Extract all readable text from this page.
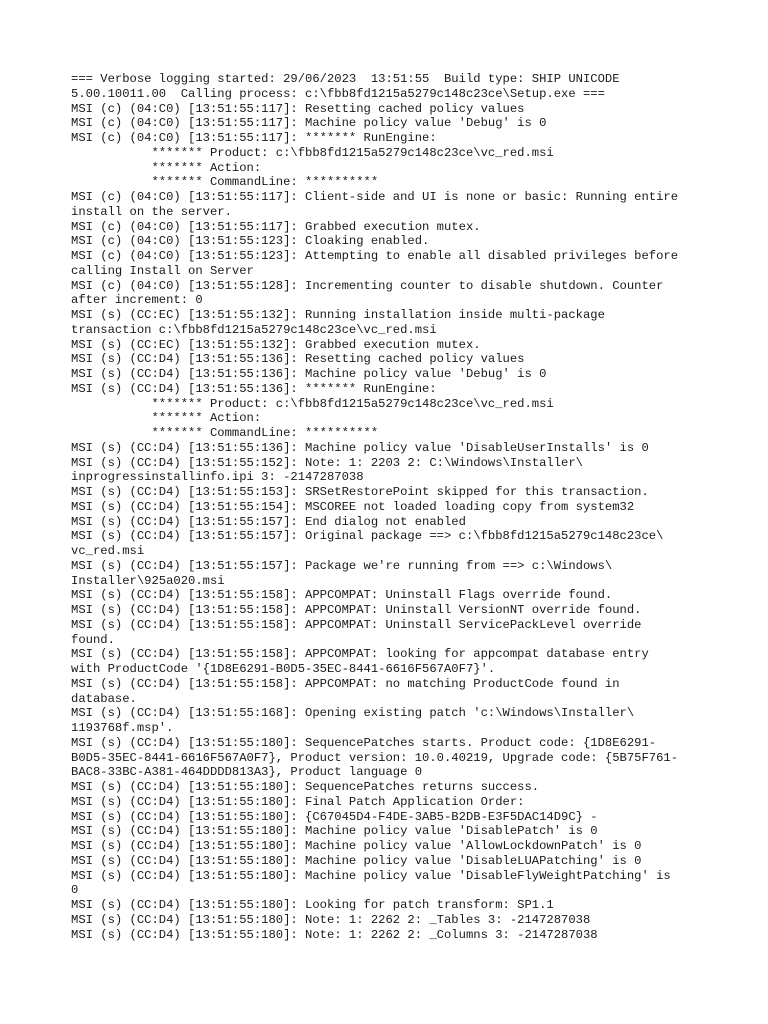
=== Verbose logging started: 29/06/2023  13:51:55  Build type: SHIP UNICODE
5.00.10011.00  Calling process: c:\fbb8fd1215a5279c148c23ce\Setup.exe ===
MSI (c) (04:C0) [13:51:55:117]: Resetting cached policy values
MSI (c) (04:C0) [13:51:55:117]: Machine policy value 'Debug' is 0
MSI (c) (04:C0) [13:51:55:117]: ******* RunEngine:
******* Product: c:\fbb8fd1215a5279c148c23ce\vc_red.msi
******* Action:
******* CommandLine: **********
MSI (c) (04:C0) [13:51:55:117]: Client-side and UI is none or basic: Running entire
install on the server.
MSI (c) (04:C0) [13:51:55:117]: Grabbed execution mutex.
MSI (c) (04:C0) [13:51:55:123]: Cloaking enabled.
MSI (c) (04:C0) [13:51:55:123]: Attempting to enable all disabled privileges before
calling Install on Server
MSI (c) (04:C0) [13:51:55:128]: Incrementing counter to disable shutdown. Counter
after increment: 0
MSI (s) (CC:EC) [13:51:55:132]: Running installation inside multi-package
transaction c:\fbb8fd1215a5279c148c23ce\vc_red.msi
MSI (s) (CC:EC) [13:51:55:132]: Grabbed execution mutex.
MSI (s) (CC:D4) [13:51:55:136]: Resetting cached policy values
MSI (s) (CC:D4) [13:51:55:136]: Machine policy value 'Debug' is 0
MSI (s) (CC:D4) [13:51:55:136]: ******* RunEngine:
******* Product: c:\fbb8fd1215a5279c148c23ce\vc_red.msi
******* Action:
******* CommandLine: **********
MSI (s) (CC:D4) [13:51:55:136]: Machine policy value 'DisableUserInstalls' is 0
MSI (s) (CC:D4) [13:51:55:152]: Note: 1: 2203 2: C:\Windows\Installer\
inprogressinstallinfo.ipi 3: -2147287038
MSI (s) (CC:D4) [13:51:55:153]: SRSetRestorePoint skipped for this transaction.
MSI (s) (CC:D4) [13:51:55:154]: MSCOREE not loaded loading copy from system32
MSI (s) (CC:D4) [13:51:55:157]: End dialog not enabled
MSI (s) (CC:D4) [13:51:55:157]: Original package ==> c:\fbb8fd1215a5279c148c23ce\
vc_red.msi
MSI (s) (CC:D4) [13:51:55:157]: Package we're running from ==> c:\Windows\
Installer\925a020.msi
MSI (s) (CC:D4) [13:51:55:158]: APPCOMPAT: Uninstall Flags override found.
MSI (s) (CC:D4) [13:51:55:158]: APPCOMPAT: Uninstall VersionNT override found.
MSI (s) (CC:D4) [13:51:55:158]: APPCOMPAT: Uninstall ServicePackLevel override
found.
MSI (s) (CC:D4) [13:51:55:158]: APPCOMPAT: looking for appcompat database entry
with ProductCode '{1D8E6291-B0D5-35EC-8441-6616F567A0F7}'.
MSI (s) (CC:D4) [13:51:55:158]: APPCOMPAT: no matching ProductCode found in
database.
MSI (s) (CC:D4) [13:51:55:168]: Opening existing patch 'c:\Windows\Installer\
1193768f.msp'.
MSI (s) (CC:D4) [13:51:55:180]: SequencePatches starts. Product code: {1D8E6291-
B0D5-35EC-8441-6616F567A0F7}, Product version: 10.0.40219, Upgrade code: {5B75F761-
BAC8-33BC-A381-464DDDD813A3}, Product language 0
MSI (s) (CC:D4) [13:51:55:180]: SequencePatches returns success.
MSI (s) (CC:D4) [13:51:55:180]: Final Patch Application Order:
MSI (s) (CC:D4) [13:51:55:180]: {C67045D4-F4DE-3AB5-B2DB-E3F5DAC14D9C} -
MSI (s) (CC:D4) [13:51:55:180]: Machine policy value 'DisablePatch' is 0
MSI (s) (CC:D4) [13:51:55:180]: Machine policy value 'AllowLockdownPatch' is 0
MSI (s) (CC:D4) [13:51:55:180]: Machine policy value 'DisableLUAPatching' is 0
MSI (s) (CC:D4) [13:51:55:180]: Machine policy value 'DisableFlyWeightPatching' is
0
MSI (s) (CC:D4) [13:51:55:180]: Looking for patch transform: SP1.1
MSI (s) (CC:D4) [13:51:55:180]: Note: 1: 2262 2: _Tables 3: -2147287038
MSI (s) (CC:D4) [13:51:55:180]: Note: 1: 2262 2: _Columns 3: -2147287038
